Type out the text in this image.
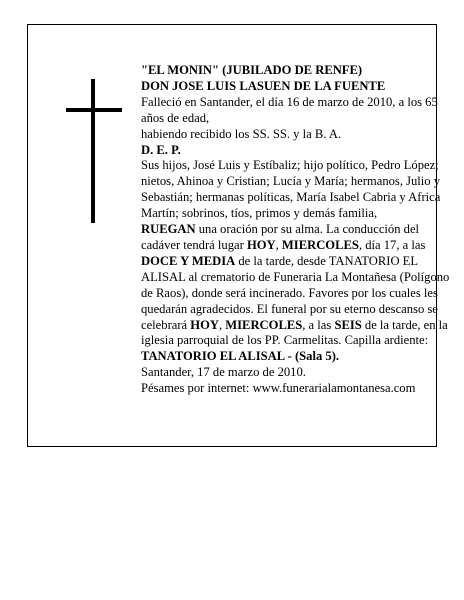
"EL MONIN" (JUBILADO DE RENFE)

DON JOSE LUIS LASUEN DE LA FUENTE

Falleció en Santander, el día 16 de marzo de 2010, a los 65 años de edad,

habiendo recibido los SS. SS. y la B. A.

D. E. P.

Sus hijos, José Luis y Estíbaliz; hijo político, Pedro López; nietos, Ahinoa y Cristian; Lucía y María; hermanos, Julio y Sebastián; hermanas políticas, María Isabel Cabria y Africa Martín; sobrinos, tíos, primos y demás familia,

RUEGAN una oración por su alma. La conducción del cadáver tendrá lugar HOY, MIERCOLES, día 17, a las DOCE Y MEDIA de la tarde, desde TANATORIO EL ALISAL al crematorio de Funeraria La Montañesa (Polígono de Raos), donde será incinerado. Favores por los cuales les quedarán agradecidos. El funeral por su eterno descanso se celebrará HOY, MIERCOLES, a las SEIS de la tarde, en la iglesia parroquial de los PP. Carmelitas. Capilla ardiente: TANATORIO EL ALISAL - (Sala 5).

Santander, 17 de marzo de 2010.

Pésames por internet: www.funerarialamontanesa.com
